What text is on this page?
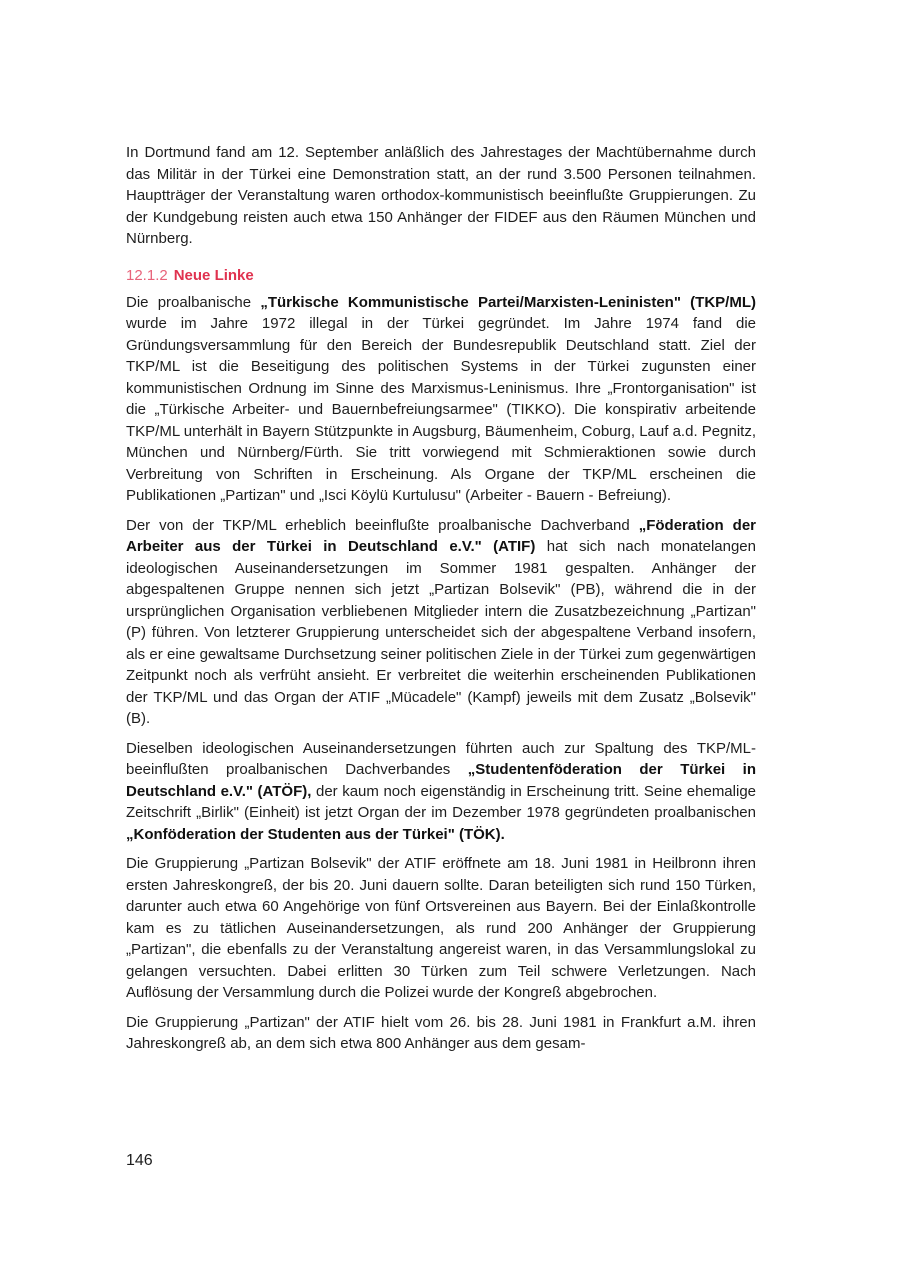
In Dortmund fand am 12. September anläßlich des Jahrestages der Machtübernahme durch das Militär in der Türkei eine Demonstration statt, an der rund 3.500 Personen teilnahmen. Hauptträger der Veranstaltung waren orthodox-kommunistisch beeinflußte Gruppierungen. Zu der Kundgebung reisten auch etwa 150 Anhänger der FIDEF aus den Räumen München und Nürnberg.

12.1.2 Neue Linke

Die proalbanische „Türkische Kommunistische Partei/Marxisten-Leninisten" (TKP/ML) wurde im Jahre 1972 illegal in der Türkei gegründet. Im Jahre 1974 fand die Gründungsversammlung für den Bereich der Bundesrepublik Deutschland statt. Ziel der TKP/ML ist die Beseitigung des politischen Systems in der Türkei zugunsten einer kommunistischen Ordnung im Sinne des Marxismus-Leninismus. Ihre „Frontorganisation" ist die „Türkische Arbeiter- und Bauernbefreiungsarmee" (TIKKO). Die konspirativ arbeitende TKP/ML unterhält in Bayern Stützpunkte in Augsburg, Bäumenheim, Coburg, Lauf a.d. Pegnitz, München und Nürnberg/Fürth. Sie tritt vorwiegend mit Schmieraktionen sowie durch Verbreitung von Schriften in Erscheinung. Als Organe der TKP/ML erscheinen die Publikationen „Partizan" und „Isci Köylü Kurtulusu" (Arbeiter - Bauern - Befreiung).

Der von der TKP/ML erheblich beeinflußte proalbanische Dachverband „Föderation der Arbeiter aus der Türkei in Deutschland e.V." (ATIF) hat sich nach monatelangen ideologischen Auseinandersetzungen im Sommer 1981 gespalten. Anhänger der abgespaltenen Gruppe nennen sich jetzt „Partizan Bolsevik" (PB), während die in der ursprünglichen Organisation verbliebenen Mitglieder intern die Zusatzbezeichnung „Partizan" (P) führen. Von letzterer Gruppierung unterscheidet sich der abgespaltene Verband insofern, als er eine gewaltsame Durchsetzung seiner politischen Ziele in der Türkei zum gegenwärtigen Zeitpunkt noch als verfrüht ansieht. Er verbreitet die weiterhin erscheinenden Publikationen der TKP/ML und das Organ der ATIF „Mücadele" (Kampf) jeweils mit dem Zusatz „Bolsevik" (B).

Dieselben ideologischen Auseinandersetzungen führten auch zur Spaltung des TKP/ML-beeinflußten proalbanischen Dachverbandes „Studentenföderation der Türkei in Deutschland e.V." (ATÖF), der kaum noch eigenständig in Erscheinung tritt. Seine ehemalige Zeitschrift „Birlik" (Einheit) ist jetzt Organ der im Dezember 1978 gegründeten proalbanischen „Konföderation der Studenten aus der Türkei" (TÖK).

Die Gruppierung „Partizan Bolsevik" der ATIF eröffnete am 18. Juni 1981 in Heilbronn ihren ersten Jahreskongreß, der bis 20. Juni dauern sollte. Daran beteiligten sich rund 150 Türken, darunter auch etwa 60 Angehörige von fünf Ortsvereinen aus Bayern. Bei der Einlaßkontrolle kam es zu tätlichen Auseinandersetzungen, als rund 200 Anhänger der Gruppierung „Partizan", die ebenfalls zu der Veranstaltung angereist waren, in das Versammlungslokal zu gelangen versuchten. Dabei erlitten 30 Türken zum Teil schwere Verletzungen. Nach Auflösung der Versammlung durch die Polizei wurde der Kongreß abgebrochen.

Die Gruppierung „Partizan" der ATIF hielt vom 26. bis 28. Juni 1981 in Frankfurt a.M. ihren Jahreskongreß ab, an dem sich etwa 800 Anhänger aus dem gesam-

146
